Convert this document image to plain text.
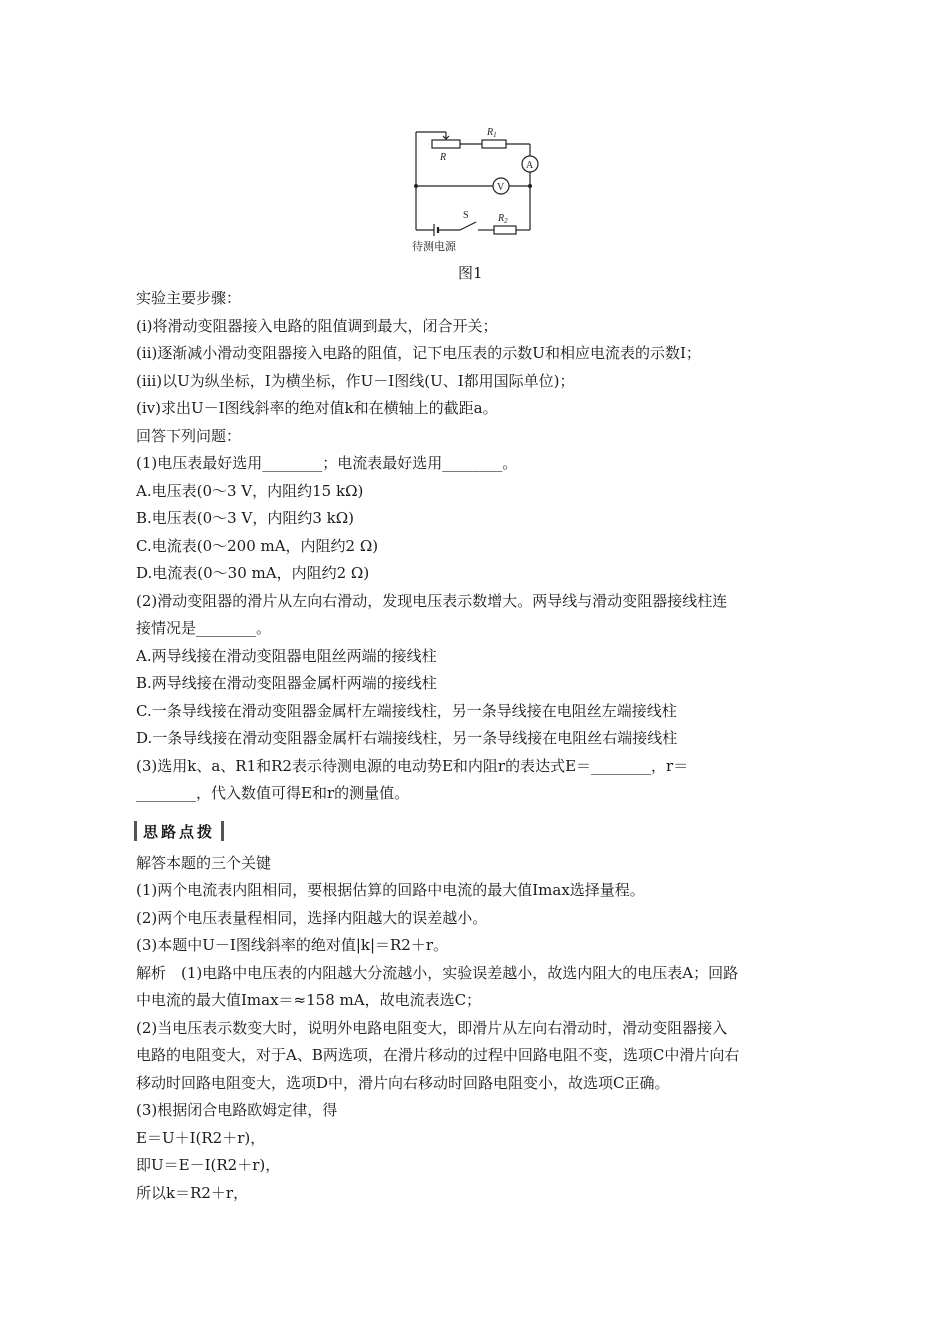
$R_1$
R
A
V
S	$R_2$
待测电源
图1
实验主要步骤：
(ⅰ)将滑动变阻器接入电路的阻值调到最大，闭合开关；
(ⅱ)逐渐减小滑动变阻器接入电路的阻值，记下电压表的示数U和相应电流表的示数I；
(ⅲ)以U为纵坐标，I为横坐标，作U－I图线(U、I都用国际单位)；
(ⅳ)求出U－I图线斜率的绝对值k和在横轴上的截距a。
回答下列问题：
(1)电压表最好选用________；电流表最好选用________。
A.电压表(0～3 V，内阻约15 kΩ)
B.电压表(0～3 V，内阻约3 kΩ)
C.电流表(0～200 mA，内阻约2 Ω)
D.电流表(0～30 mA，内阻约2 Ω)
(2)滑动变阻器的滑片从左向右滑动，发现电压表示数增大。两导线与滑动变阻器接线柱连
接情况是________。
A.两导线接在滑动变阻器电阻丝两端的接线柱
B.两导线接在滑动变阻器金属杆两端的接线柱
C.一条导线接在滑动变阻器金属杆左端接线柱，另一条导线接在电阻丝左端接线柱
D.一条导线接在滑动变阻器金属杆右端接线柱，另一条导线接在电阻丝右端接线柱
(3)选用k、a、R1和R2表示待测电源的电动势E和内阻r的表达式E＝________，r＝
________，代入数值可得E和r的测量值。
思路点拨
解答本题的三个关键
(1)两个电流表内阻相同，要根据估算的回路中电流的最大值Imax选择量程。
(2)两个电压表量程相同，选择内阻越大的误差越小。
(3)本题中U－I图线斜率的绝对值|k|＝R2＋r。
解析　(1)电路中电压表的内阻越大分流越小，实验误差越小，故选内阻大的电压表A；回路
中电流的最大值Imax＝≈158 mA，故电流表选C；
(2)当电压表示数变大时，说明外电路电阻变大，即滑片从左向右滑动时，滑动变阻器接入
电路的电阻变大，对于A、B两选项，在滑片移动的过程中回路电阻不变，选项C中滑片向右
移动时回路电阻变大，选项D中，滑片向右移动时回路电阻变小，故选项C正确。
(3)根据闭合电路欧姆定律，得
E＝U＋I(R2＋r)，
即U＝E－I(R2＋r)，
所以k＝R2＋r，
